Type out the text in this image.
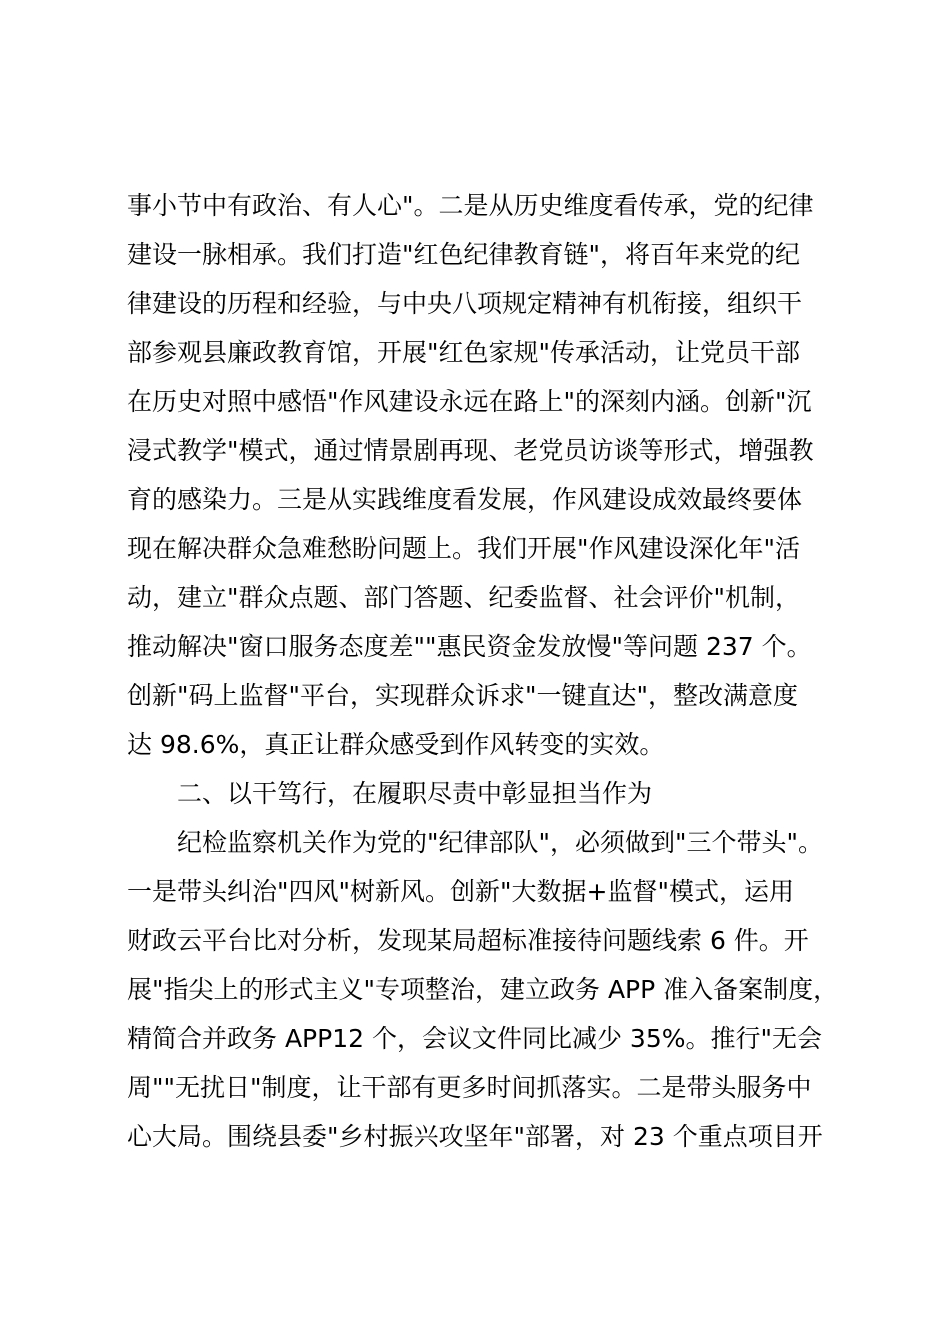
事小节中有政治、有人心"。二是从历史维度看传承，党的纪律
建设一脉相承。我们打造"红色纪律教育链"，将百年来党的纪
律建设的历程和经验，与中央八项规定精神有机衔接，组织干
部参观县廉政教育馆，开展"红色家规"传承活动，让党员干部
在历史对照中感悟"作风建设永远在路上"的深刻内涵。创新"沉
浸式教学"模式，通过情景剧再现、老党员访谈等形式，增强教
育的感染力。三是从实践维度看发展，作风建设成效最终要体
现在解决群众急难愁盼问题上。我们开展"作风建设深化年"活
动，建立"群众点题、部门答题、纪委监督、社会评价"机制，
推动解决"窗口服务态度差""惠民资金发放慢"等问题 237 个。
创新"码上监督"平台，实现群众诉求"一键直达"，整改满意度
达 98.6%，真正让群众感受到作风转变的实效。
二、以干笃行，在履职尽责中彰显担当作为
纪检监察机关作为党的"纪律部队"，必须做到"三个带头"。
一是带头纠治"四风"树新风。创新"大数据+监督"模式，运用
财政云平台比对分析，发现某局超标准接待问题线索 6 件。开
展"指尖上的形式主义"专项整治，建立政务 APP 准入备案制度，
精简合并政务 APP12 个，会议文件同比减少 35%。推行"无会
周""无扰日"制度，让干部有更多时间抓落实。二是带头服务中
心大局。围绕县委"乡村振兴攻坚年"部署，对 23 个重点项目开
